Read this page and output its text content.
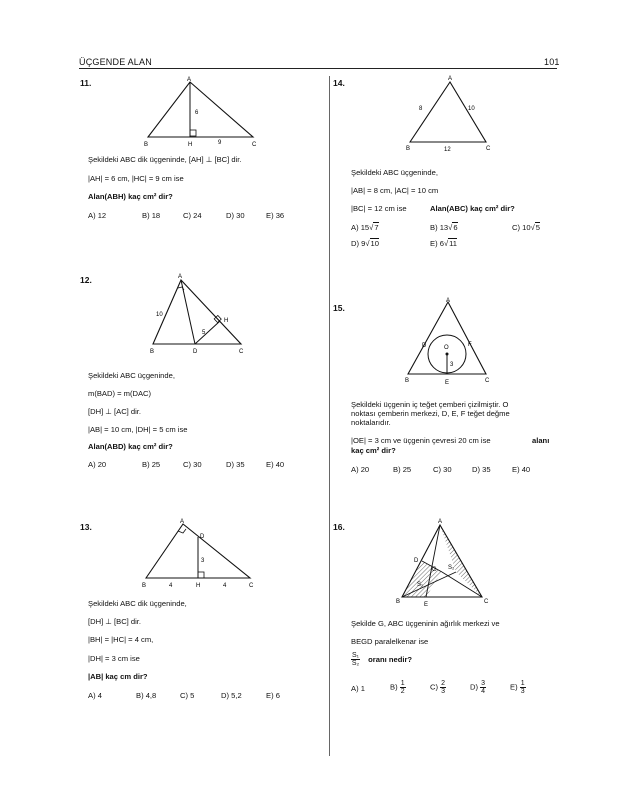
ÜÇGENDE ALAN	101
11.	A
B	H	C
6
9
Şekildeki ABC dik üçgeninde, [AH] ⊥ [BC] dir.
|AH| = 6 cm, |HC| = 9 cm ise
Alan(ABH) kaç cm² dir?
A) 12	B) 18	C) 24	D) 30	E) 36
12.	A
B	D	C
H
10
5
Şekildeki ABC üçgeninde,
m(BAD) = m(DAC)
[DH] ⊥ [AC] dir.
|AB| = 10 cm, |DH| = 5 cm ise
Alan(ABD) kaç cm² dir?
A) 20	B) 25	C) 30	D) 35	E) 40
13.	A
D
B	H	C
3
4	4
Şekildeki ABC dik üçgeninde,
[DH] ⊥ [BC] dir.
|BH| = |HC| = 4 cm,
|DH| = 3 cm ise
|AB| kaç cm dir?
A) 4	B) 4,8	C) 5	D) 5,2	E) 6
14.	A
B	C
8	10
12
Şekildeki ABC üçgeninde,
|AB| = 8 cm, |AC| = 10 cm
|BC| = 12 cm ise	Alan(ABC) kaç cm² dir?
A) 15√7	B) 13√6	C) 10√5
D) 9√10	E) 6√11
15.
A
B	C
D
E
F
O
3
Şekildeki üçgenin iç teğet çemberi çizilmiştir. O
noktası çemberin merkezi, D, E, F teğet değme
noktalarıdır.
|OE| = 3 cm ve üçgenin çevresi 20 cm ise	alanı
kaç cm² dir?
A) 20	B) 25	C) 30	D) 35	E) 40
16.	A
B	C
D
E
G
S₁
S₂
Şekilde G, ABC üçgeninin ağırlık merkezi ve
BEGD paralelkenar ise
$\frac{\text{S₁}}{\text{S₂}}$ oranı nedir?
A) 1	$B) \frac{1}{2}$	$C) \frac{2}{3}$	$D) \frac{3}{4}$	$E) \frac{1}{3}$
